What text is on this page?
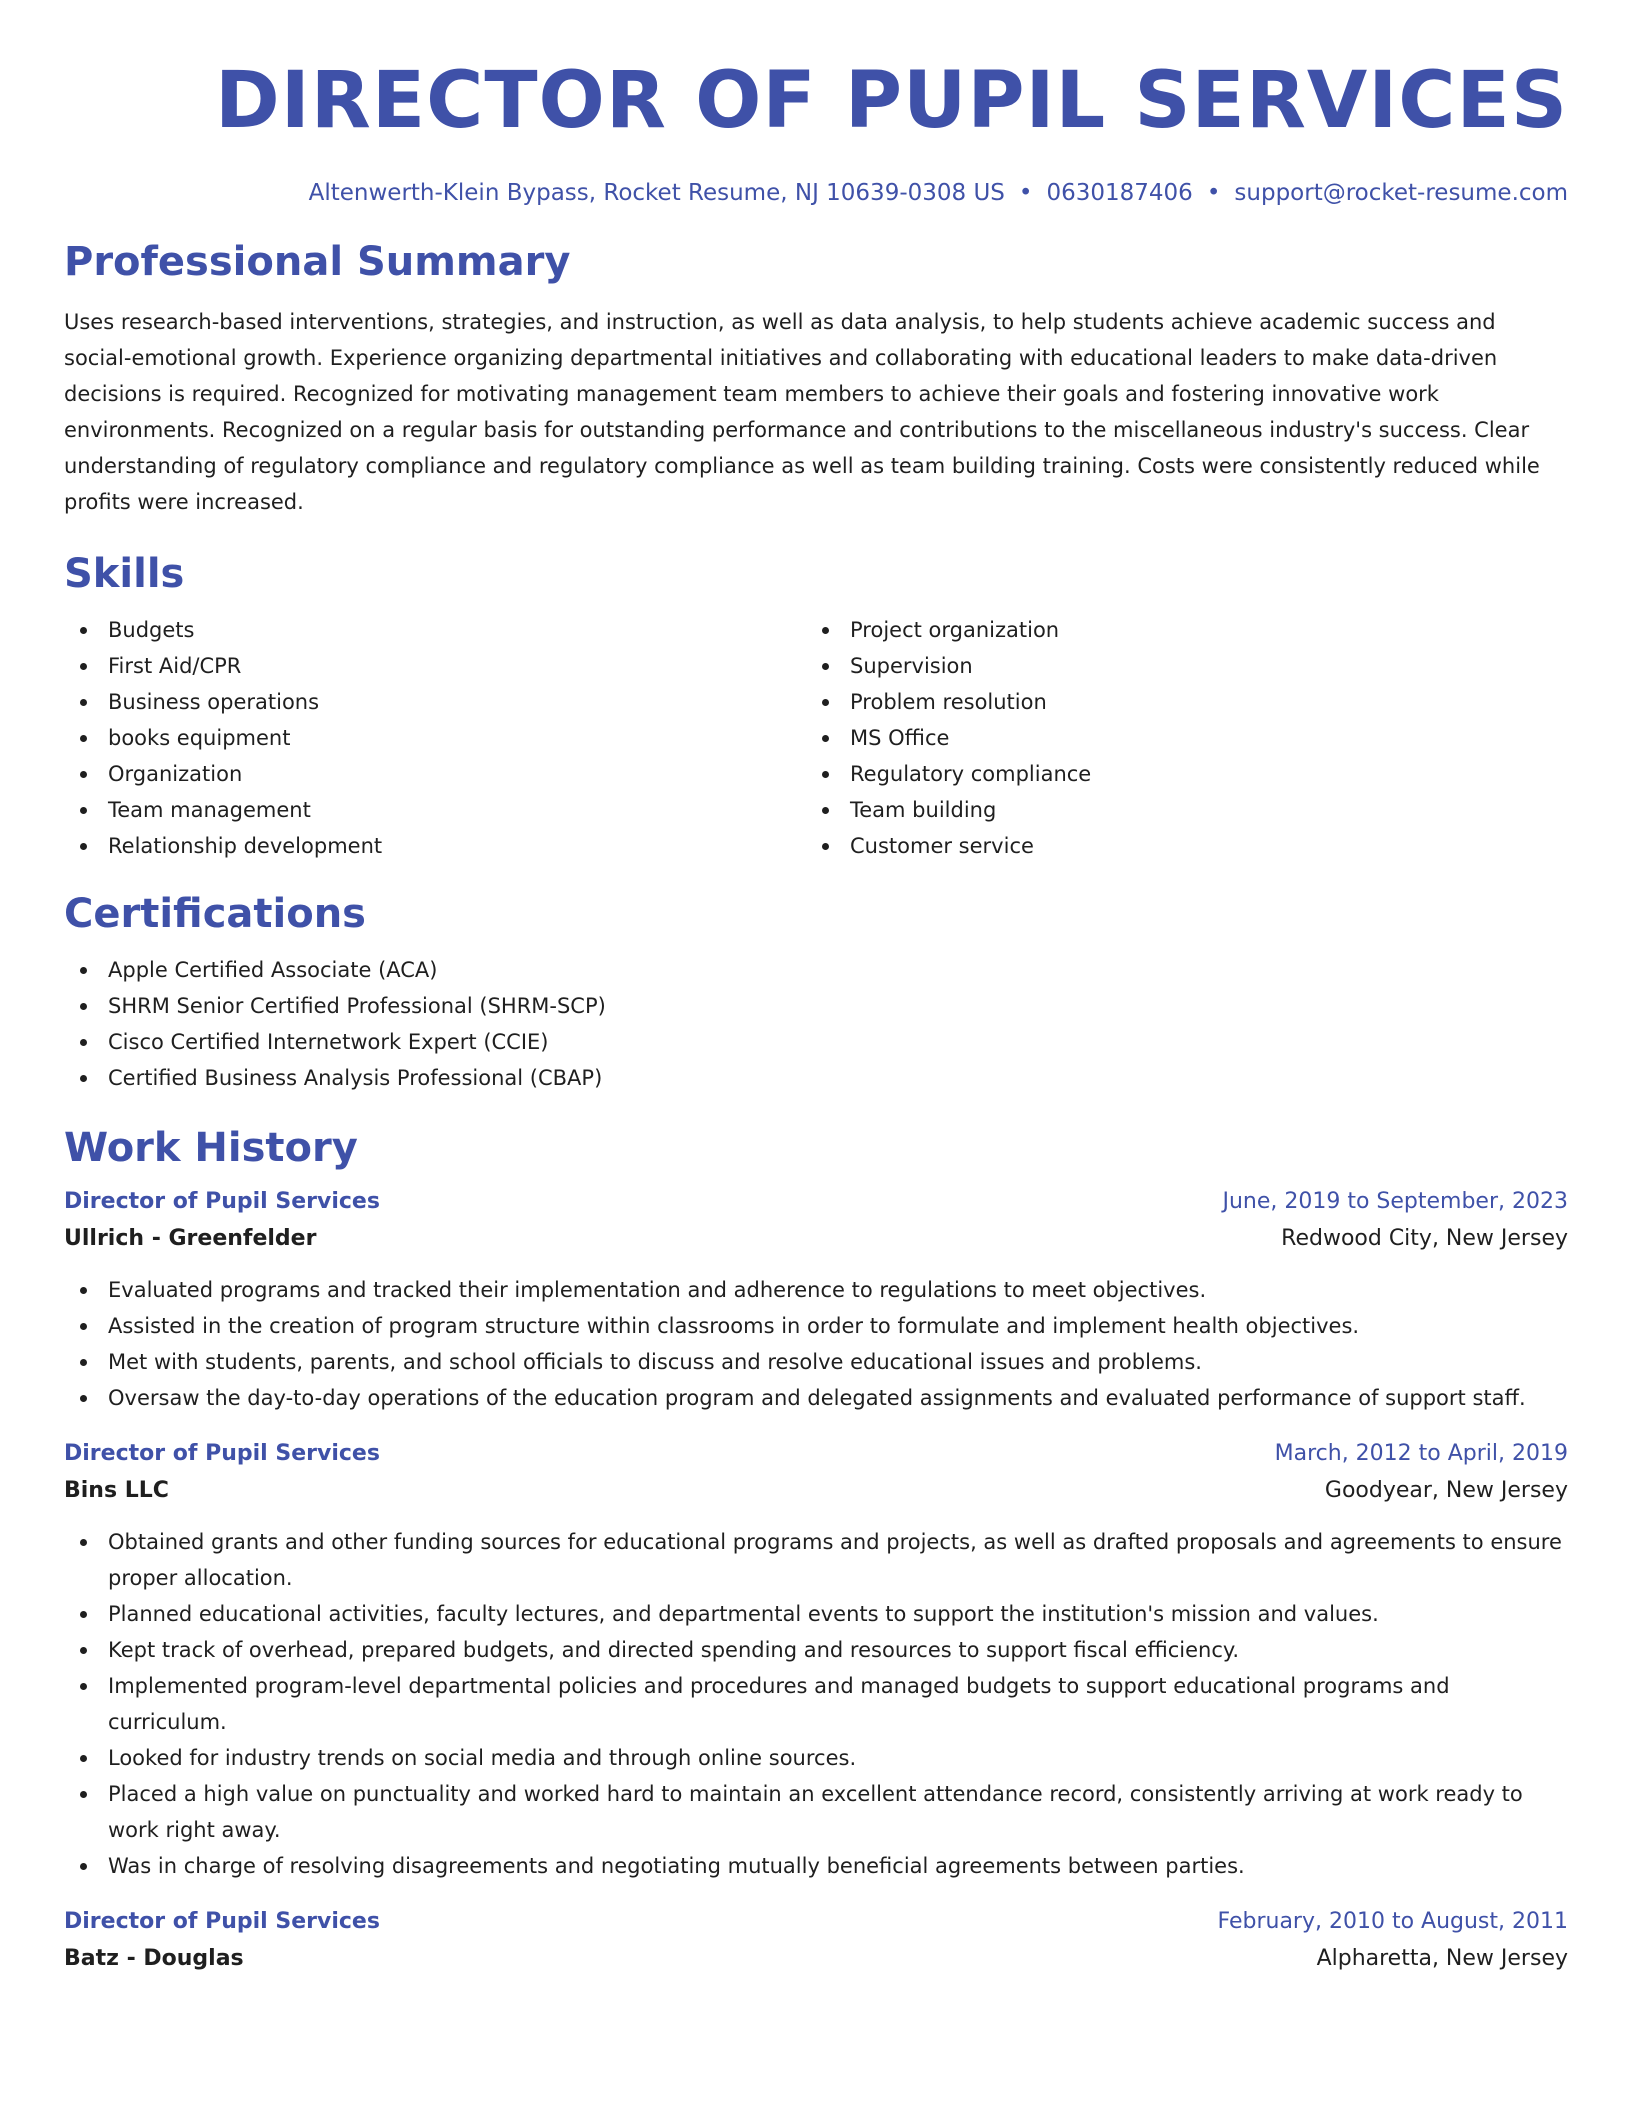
DIRECTOR OF PUPIL SERVICES
Altenwerth-Klein Bypass, Rocket Resume, NJ 10639-0308 US • 0630187406 • support@rocket-resume.com
Professional Summary

Uses research-based interventions, strategies, and instruction, as well as data analysis, to help students achieve academic success and social-emotional growth. Experience organizing departmental initiatives and collaborating with educational leaders to make data-driven decisions is required. Recognized for motivating management team members to achieve their goals and fostering innovative work environments. Recognized on a regular basis for outstanding performance and contributions to the miscellaneous industry's success. Clear understanding of regulatory compliance and regulatory compliance as well as team building training. Costs were consistently reduced while profits were increased.

Skills
Budgets
First Aid/CPR
Business operations
books equipment
Organization
Team management
Relationship development
Project organization
Supervision
Problem resolution
MS Office
Regulatory compliance
Team building
Customer service
Certifications
Apple Certified Associate (ACA)
SHRM Senior Certified Professional (SHRM-SCP)
Cisco Certified Internetwork Expert (CCIE)
Certified Business Analysis Professional (CBAP)
Work History
Director of Pupil Services	June, 2019 to September, 2023
Ullrich - Greenfelder	Redwood City, New Jersey
Evaluated programs and tracked their implementation and adherence to regulations to meet objectives.
Assisted in the creation of program structure within classrooms in order to formulate and implement health objectives.
Met with students, parents, and school officials to discuss and resolve educational issues and problems.
Oversaw the day-to-day operations of the education program and delegated assignments and evaluated performance of support staff.
Director of Pupil Services	March, 2012 to April, 2019
Bins LLC	Goodyear, New Jersey
Obtained grants and other funding sources for educational programs and projects, as well as drafted proposals and agreements to ensure proper allocation.
Planned educational activities, faculty lectures, and departmental events to support the institution's mission and values.
Kept track of overhead, prepared budgets, and directed spending and resources to support fiscal efficiency.
Implemented program-level departmental policies and procedures and managed budgets to support educational programs and curriculum.
Looked for industry trends on social media and through online sources.
Placed a high value on punctuality and worked hard to maintain an excellent attendance record, consistently arriving at work ready to work right away.
Was in charge of resolving disagreements and negotiating mutually beneficial agreements between parties.
Director of Pupil Services	February, 2010 to August, 2011
Batz - Douglas	Alpharetta, New Jersey
